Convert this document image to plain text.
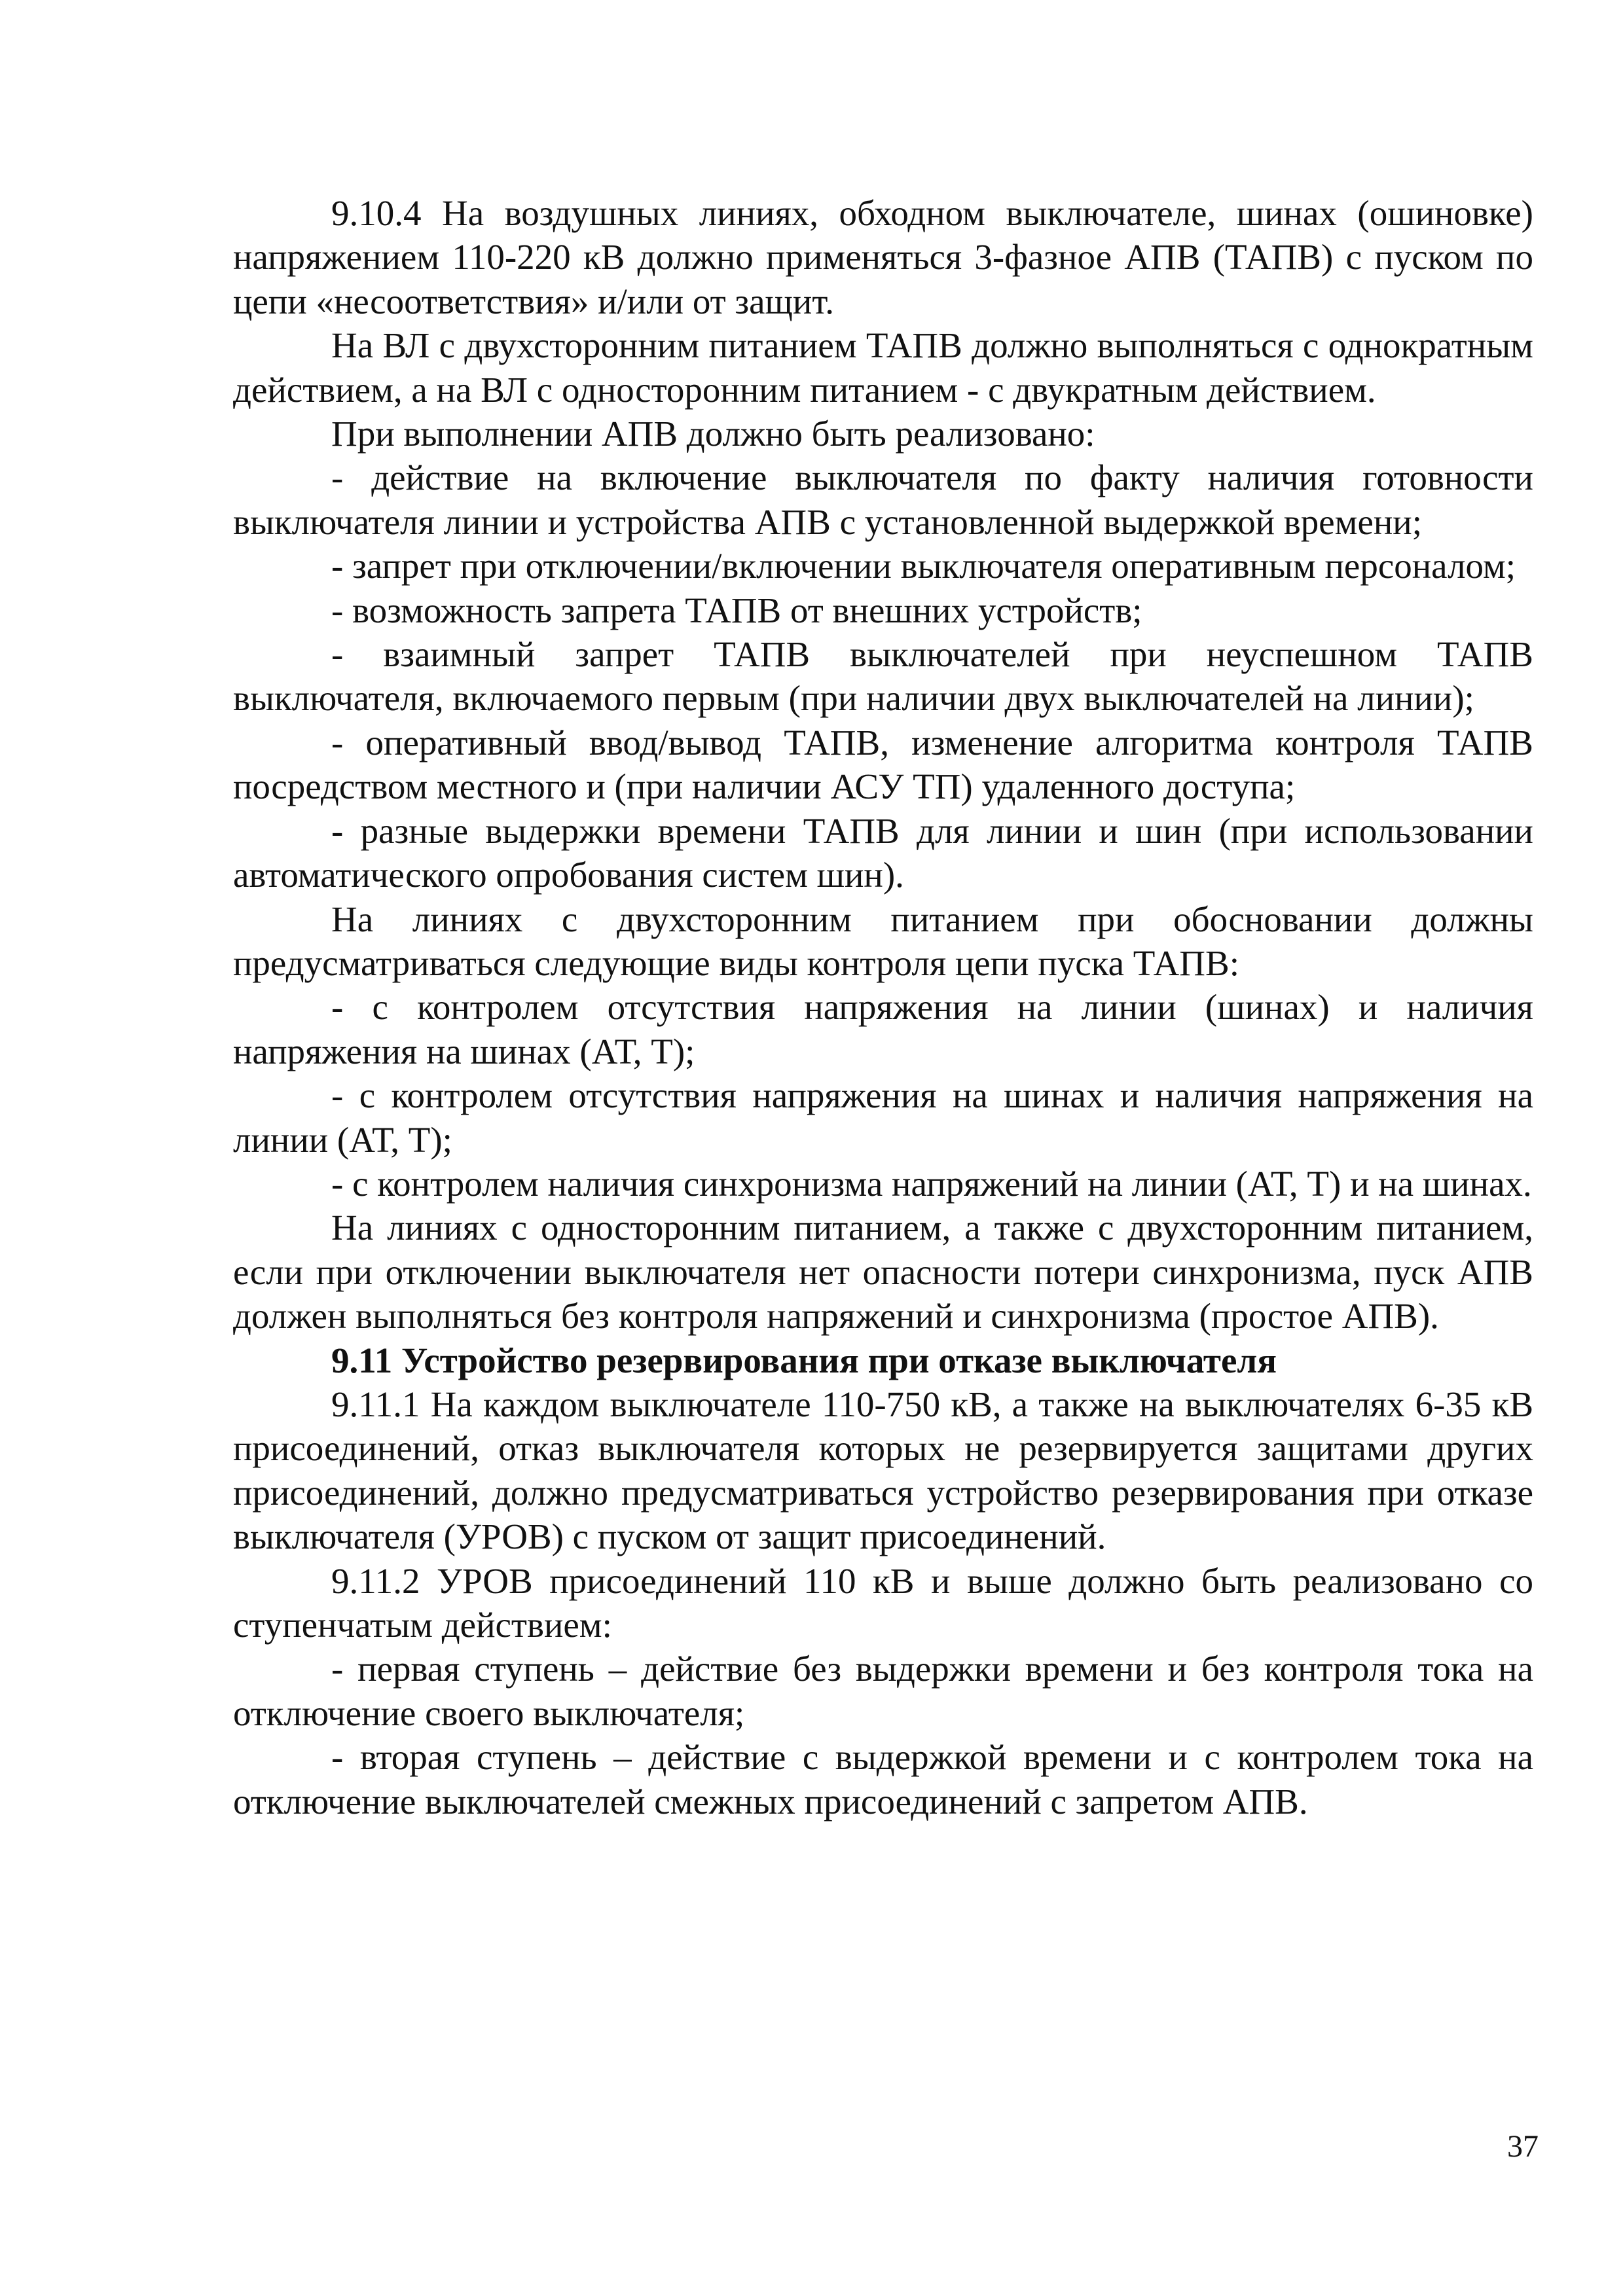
9.10.4 На воздушных линиях, обходном выключателе, шинах (ошиновке) напряжением 110-220 кВ должно применяться 3-фазное АПВ (ТАПВ) с пуском по цепи «несоответствия» и/или от защит.

На ВЛ с двухсторонним питанием ТАПВ должно выполняться с однократным действием, а на ВЛ с односторонним питанием - с двукратным действием.

При выполнении АПВ должно быть реализовано:

- действие на включение выключателя по факту наличия готовности выключателя линии и устройства АПВ с установленной выдержкой времени;

- запрет при отключении/включении выключателя оперативным персоналом;

- возможность запрета ТАПВ от внешних устройств;

- взаимный запрет ТАПВ выключателей при неуспешном ТАПВ выключателя, включаемого первым (при наличии двух выключателей на линии);

- оперативный ввод/вывод ТАПВ, изменение алгоритма контроля ТАПВ посредством местного и (при наличии АСУ ТП) удаленного доступа;

- разные выдержки времени ТАПВ для линии и шин (при использовании автоматического опробования систем шин).

На линиях с двухсторонним питанием при обосновании должны предусматриваться следующие виды контроля цепи пуска ТАПВ:

- с контролем отсутствия напряжения на линии (шинах) и наличия напряжения на шинах (АТ, Т);

- с контролем отсутствия напряжения на шинах и наличия напряжения на линии (АТ, Т);

- с контролем наличия синхронизма напряжений на линии (АТ, Т) и на шинах.

На линиях с односторонним питанием, а также с двухсторонним питанием, если при отключении выключателя нет опасности потери синхронизма, пуск АПВ должен выполняться без контроля напряжений и синхронизма (простое АПВ).

9.11 Устройство резервирования при отказе выключателя

9.11.1 На каждом выключателе 110-750 кВ, а также на выключателях 6-35 кВ присоединений, отказ выключателя которых не резервируется защитами других присоединений, должно предусматриваться устройство резервирования при отказе выключателя (УРОВ) с пуском от защит присоединений.

9.11.2 УРОВ присоединений 110 кВ и выше должно быть реализовано со ступенчатым действием:

- первая ступень – действие без выдержки времени и без контроля тока на отключение своего выключателя;

- вторая ступень – действие с выдержкой времени и с контролем тока на отключение выключателей смежных присоединений с запретом АПВ.

37
